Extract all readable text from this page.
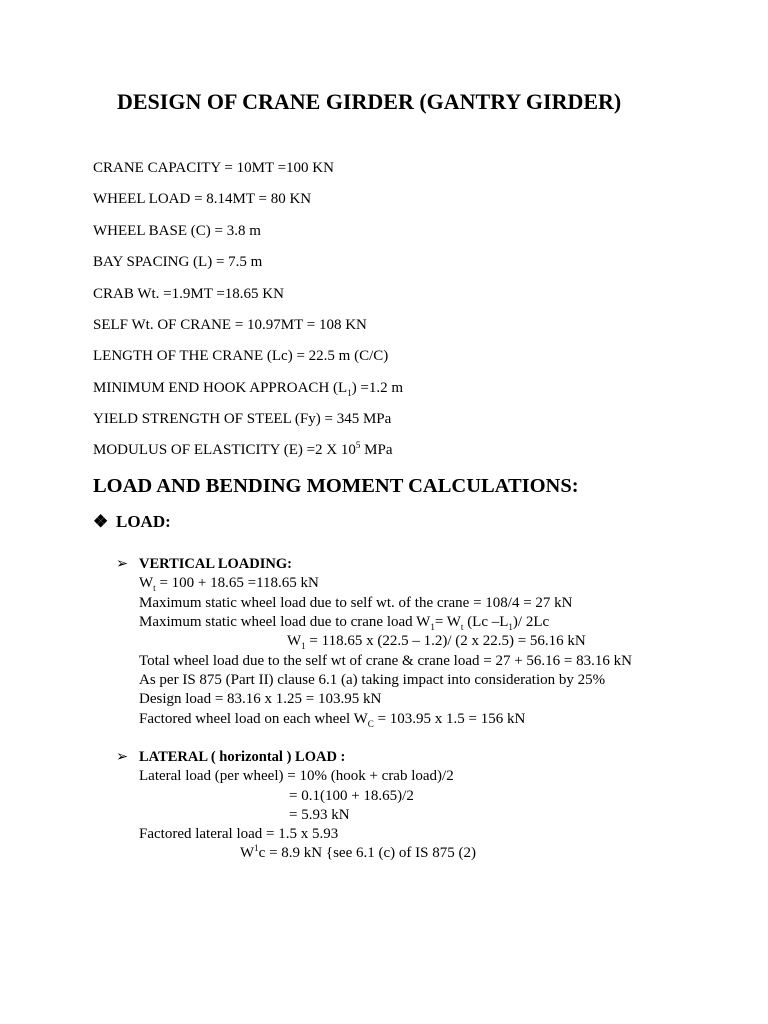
DESIGN OF CRANE GIRDER (GANTRY GIRDER)
CRANE CAPACITY = 10MT =100 KN
WHEEL LOAD = 8.14MT = 80 KN
WHEEL BASE (C) = 3.8 m
BAY SPACING (L) = 7.5 m
CRAB Wt. =1.9MT =18.65 KN
SELF Wt. OF CRANE = 10.97MT = 108 KN
LENGTH OF THE CRANE (Lc) = 22.5 m (C/C)
MINIMUM END HOOK APPROACH $(L_1) =1.2$ m
YIELD STRENGTH OF STEEL (Fy) = 345 MPa
MODULUS OF ELASTICITY (E) =2 X $10^5$ MPa
LOAD AND BENDING MOMENT CALCULATIONS:
❖ LOAD:
➢ VERTICAL LOADING:
$W_t = 100 + 18.65 =118.65$ kN
Maximum static wheel load due to self wt. of the crane = 108/4 = 27 kN
Maximum static wheel load due to crane load $W_1= W_t$ (Lc $-L_1)/$ 2Lc
$W_1 = 118.65$ x (22.5 – 1.2)/ (2 x 22.5) = 56.16 kN
Total wheel load due to the self wt of crane & crane load = 27 + 56.16 = 83.16 kN
As per IS 875 (Part II) clause 6.1 (a) taking impact into consideration by 25%
Design load = 83.16 x 1.25 = 103.95 kN
Factored wheel load on each wheel $W_C = 103.95$ x 1.5 = 156 kN
➢ LATERAL ( horizontal ) LOAD :
Lateral load (per wheel) = 10% (hook + crab load)/2
= 0.1(100 + 18.65)/2
= 5.93 kN
Factored lateral load = 1.5 x 5.93
$W^1c = 8.9$ kN {see 6.1 (c) of IS 875 (2)
